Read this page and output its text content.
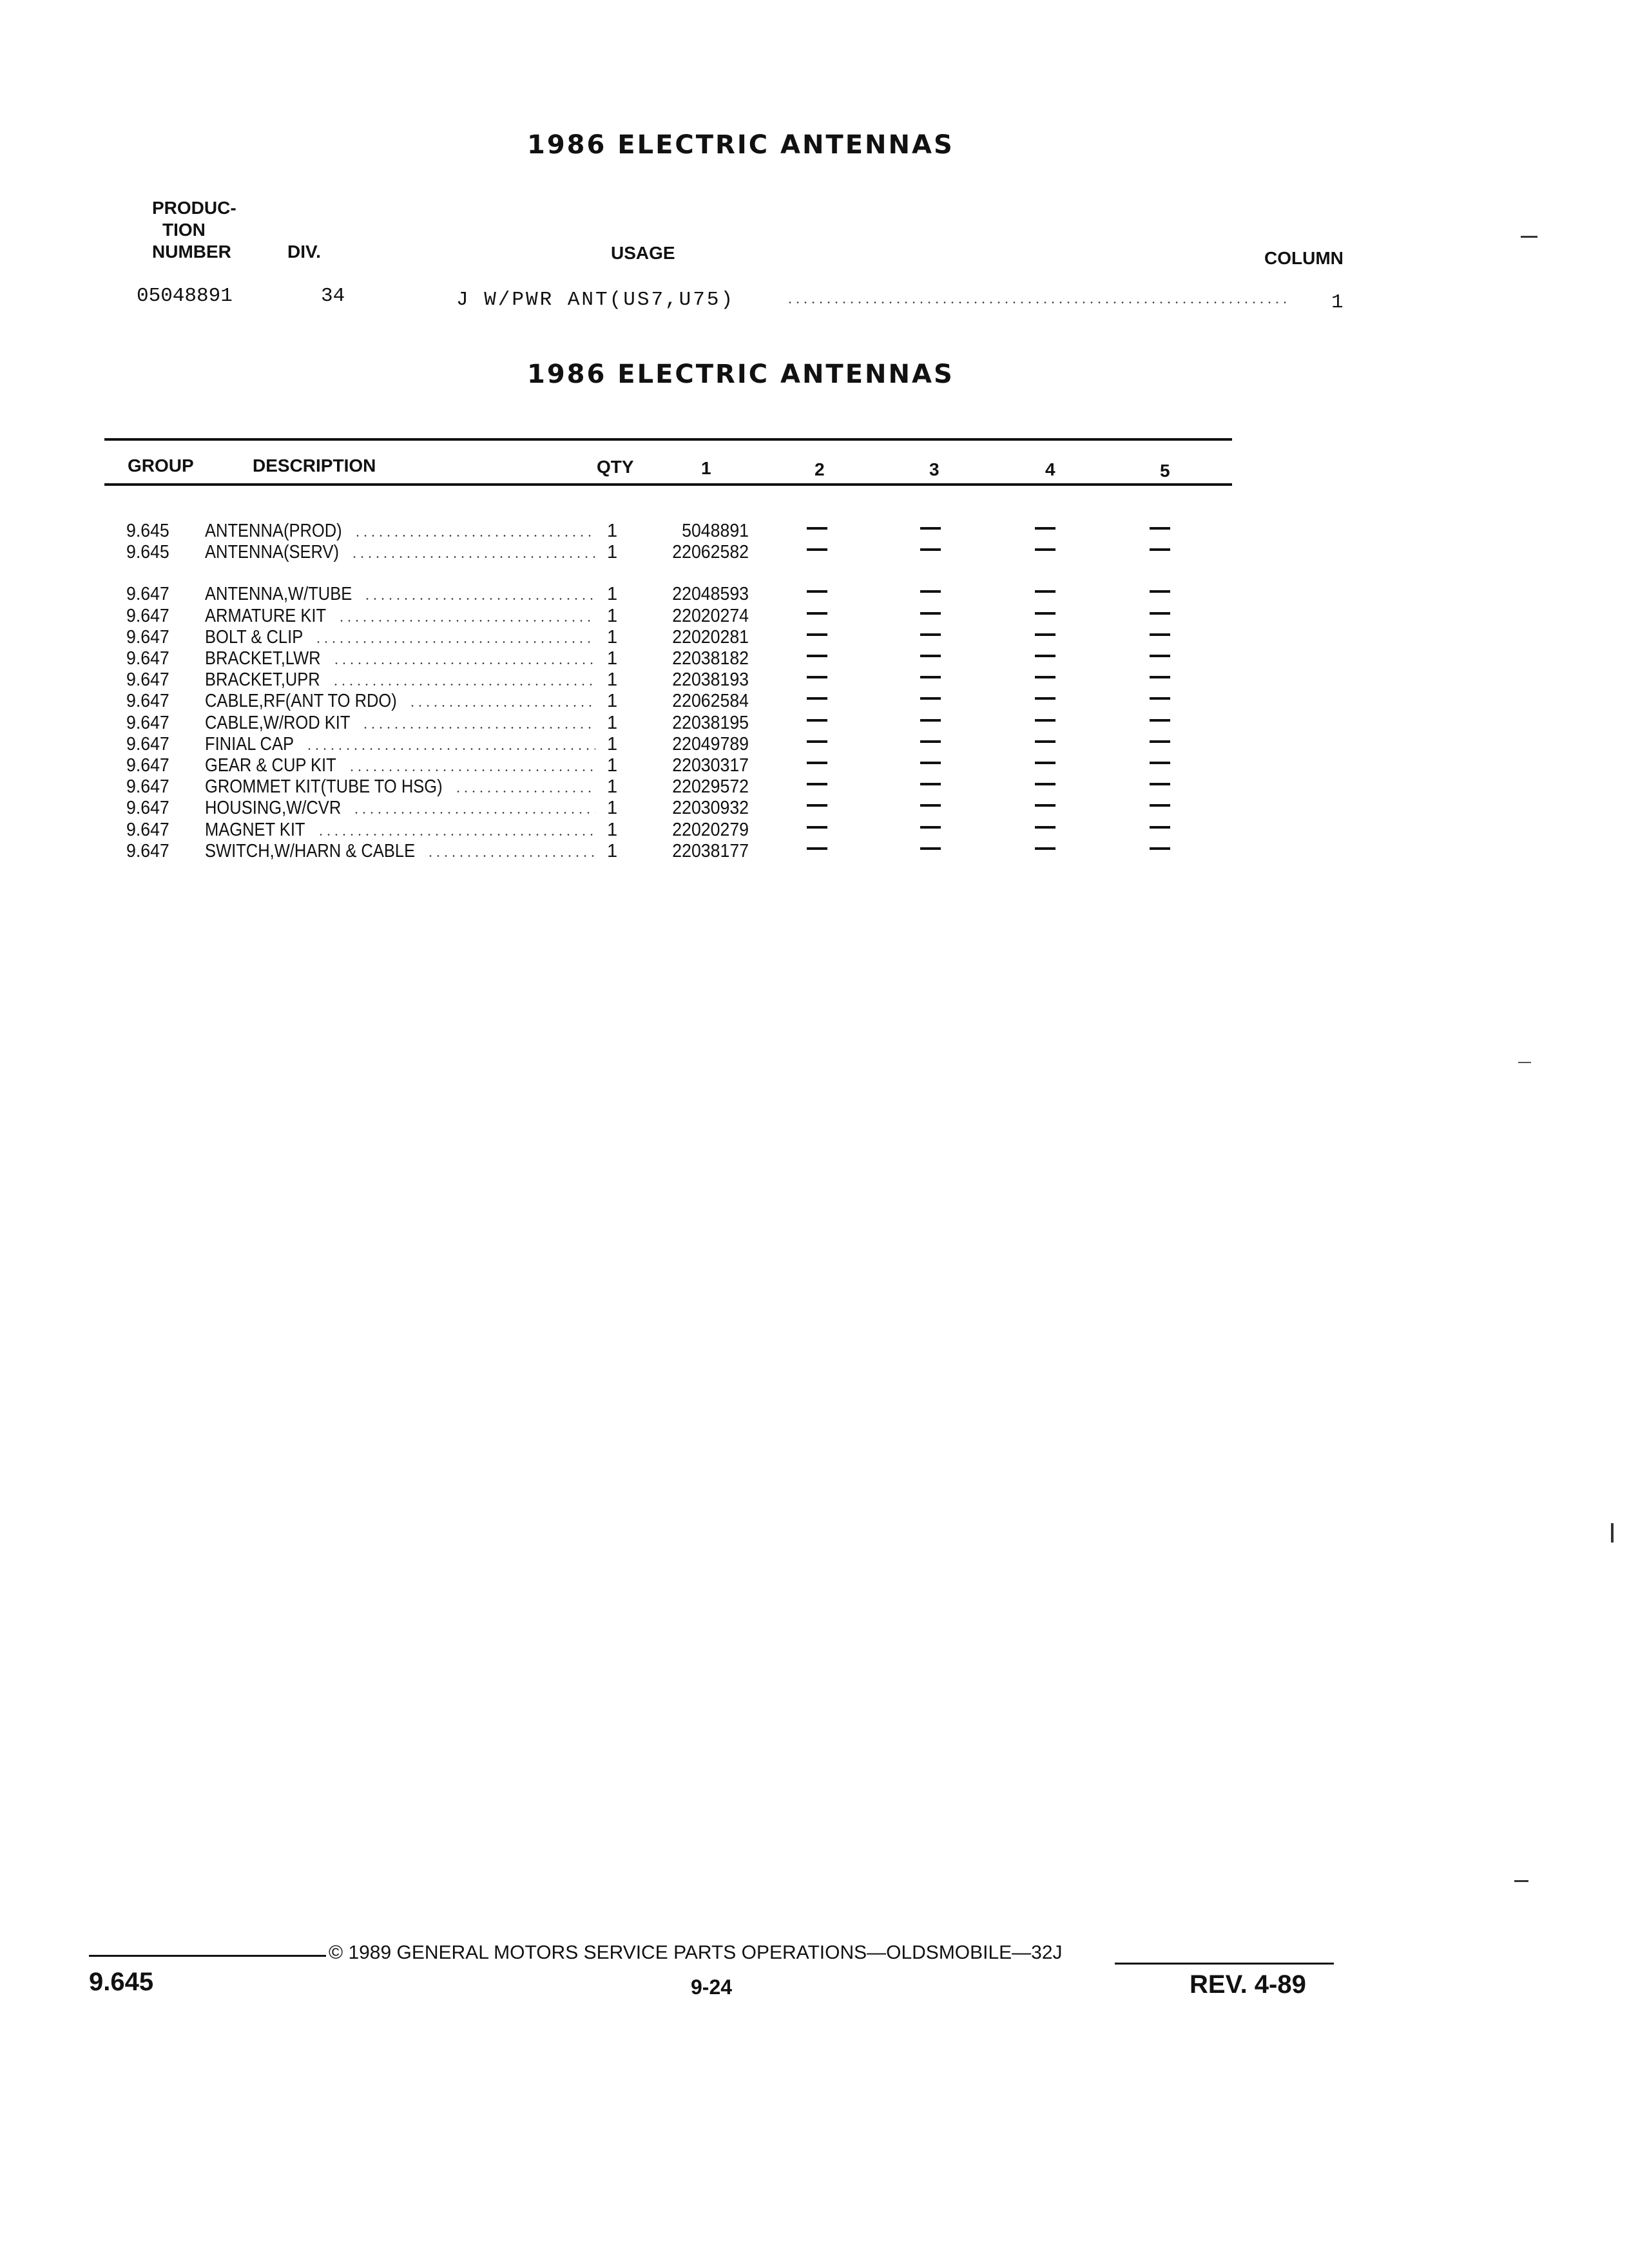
1986 ELECTRIC ANTENNAS
PRODUC-
TION
NUMBER	DIV.	USAGE	COLUMN
05048891	34	J W/PWR ANT(US7,U75)	1
1986 ELECTRIC ANTENNAS
GROUP	DESCRIPTION	QTY	1	2	3	4	5
9.645 ANTENNA(PROD)	1	5048891
9.645 ANTENNA(SERV)	1	22062582
9.647 ANTENNA,W/TUBE	1	22048593
9.647 ARMATURE KIT	1	22020274
9.647 BOLT & CLIP	1	22020281
9.647 BRACKET,LWR	1	22038182
9.647 BRACKET,UPR	1	22038193
9.647 CABLE,RF(ANT TO RDO)	1	22062584
9.647 CABLE,W/ROD KIT	1	22038195
9.647 FINIAL CAP	1	22049789
9.647 GEAR & CUP KIT	1	22030317
9.647 GROMMET KIT(TUBE TO HSG)	1	22029572
9.647 HOUSING,W/CVR	1	22030932
9.647 MAGNET KIT	1	22020279
9.647 SWITCH,W/HARN & CABLE	1	22038177
© 1989 GENERAL MOTORS SERVICE PARTS OPERATIONS—OLDSMOBILE—32J
9.645	9-24	REV. 4-89
